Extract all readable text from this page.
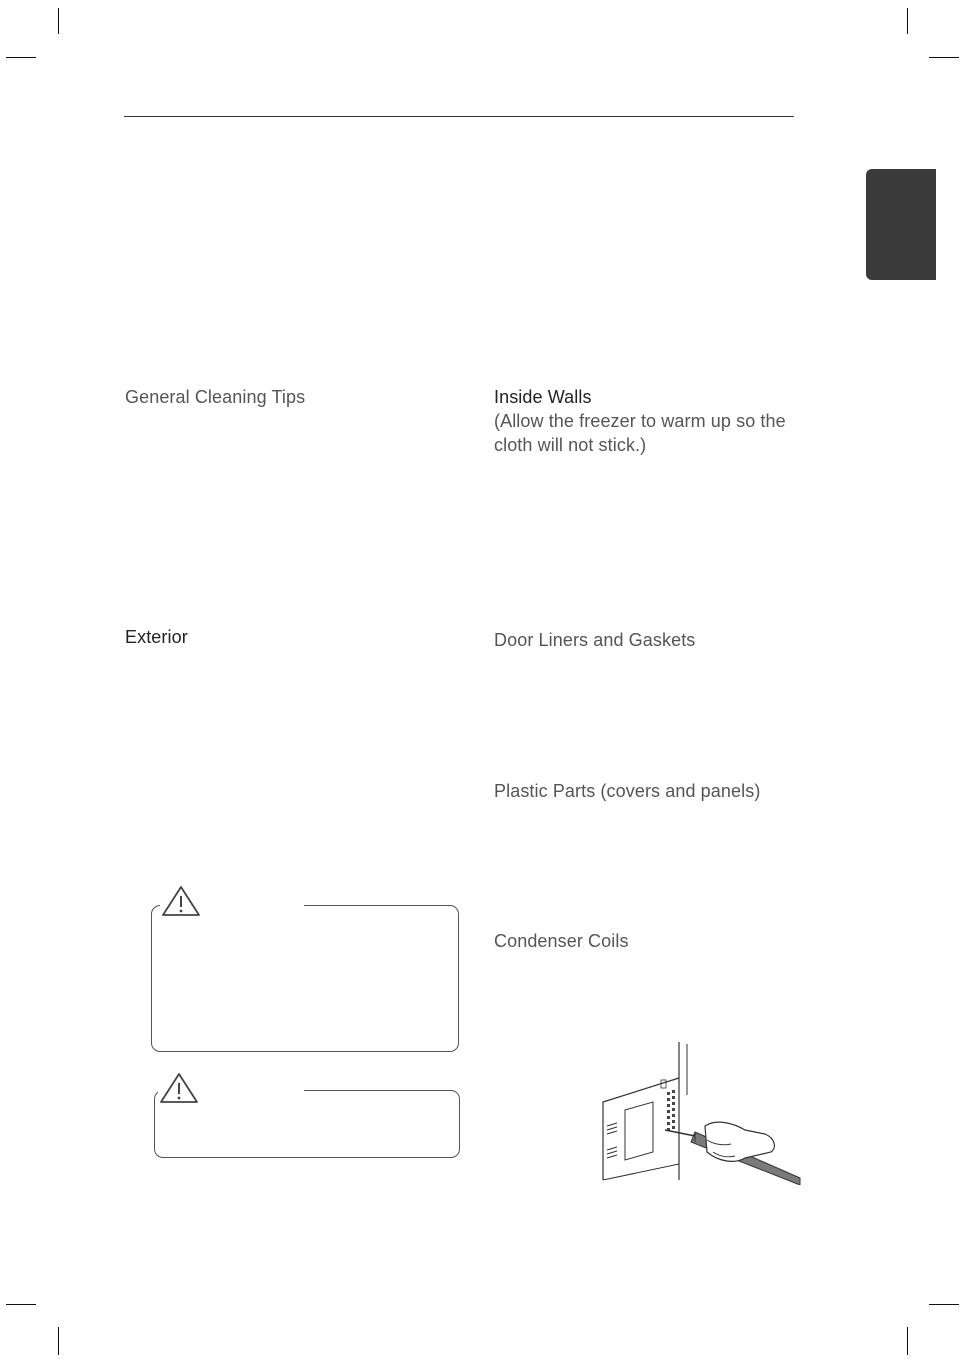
General Cleaning Tips
Exterior
Inside Walls
(Allow the freezer to warm up so the
cloth will not stick.)
Door Liners and Gaskets
Plastic Parts (covers and panels)
Condenser Coils
